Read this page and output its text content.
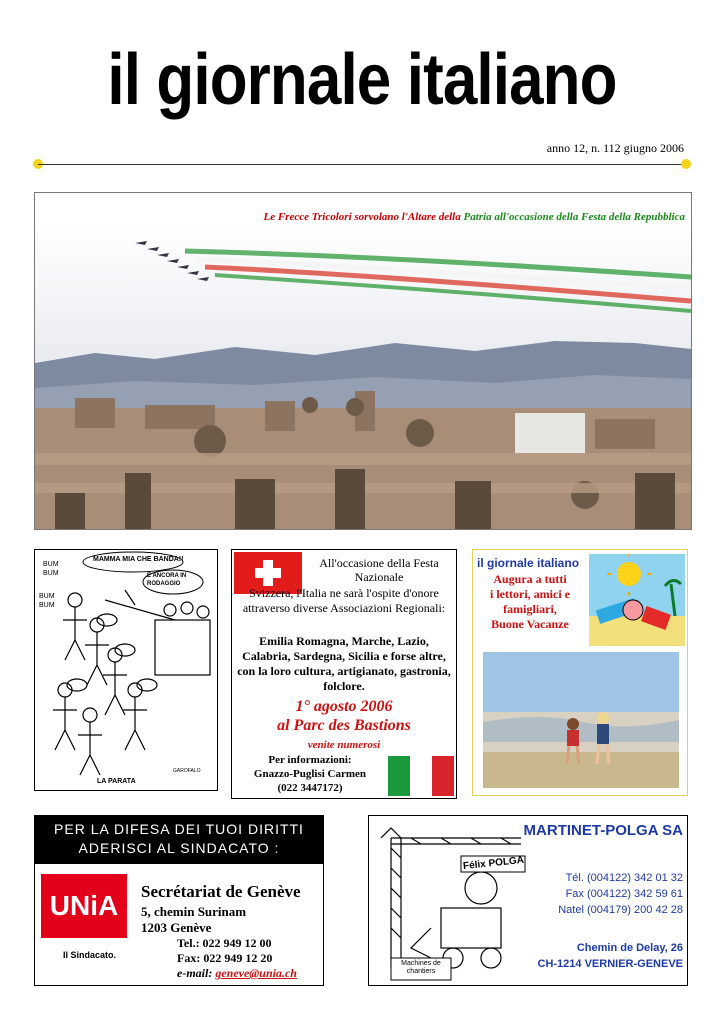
il giornale italiano
anno 12, n. 112 giugno 2006
Le Frecce Tricolori sorvolano l'Altare della Patria all'occasione della Festa della Repubblica
MAMMA MIA CHE BANDA!!
È ANCORA IN RODAGGIO
BUM BUM
BUM BUM
LA PARATA
GAROFALO
All'occasione della Festa Nazionale
Svizzera, l'Italia ne sarà l'ospite d'onore attraverso diverse Associazioni Regionali:
Emilia Romagna, Marche, Lazio, Calabria, Sardegna, Sicilia e forse altre, con la loro cultura, artigianato, gastronia, folclore.
1° agosto 2006
al Parc des Bastions
venite numerosi
Per informazioni:
Gnazzo-Puglisi Carmen
(022 3447172)
il giornale italiano
Augura a tutti
i lettori, amici e
famigliari,
Buone Vacanze
PER LA DIFESA DEI TUOI DIRITTI
ADERISCI AL SINDACATO :
UNiA
Il Sindacato.
Secrétariat de Genève
5, chemin Surinam
1203 Genève
Tel.: 022 949 12 00
Fax: 022 949 12 20
e-mail: geneve@unia.ch
Félix POLGA
Machines de chantiers
MARTINET-POLGA SA
Tél. (004122) 342 01 32
Fax (004122) 342 59 61
Natel (004179) 200 42 28
Chemin de Delay, 26
CH-1214 VERNIER-GENEVE
